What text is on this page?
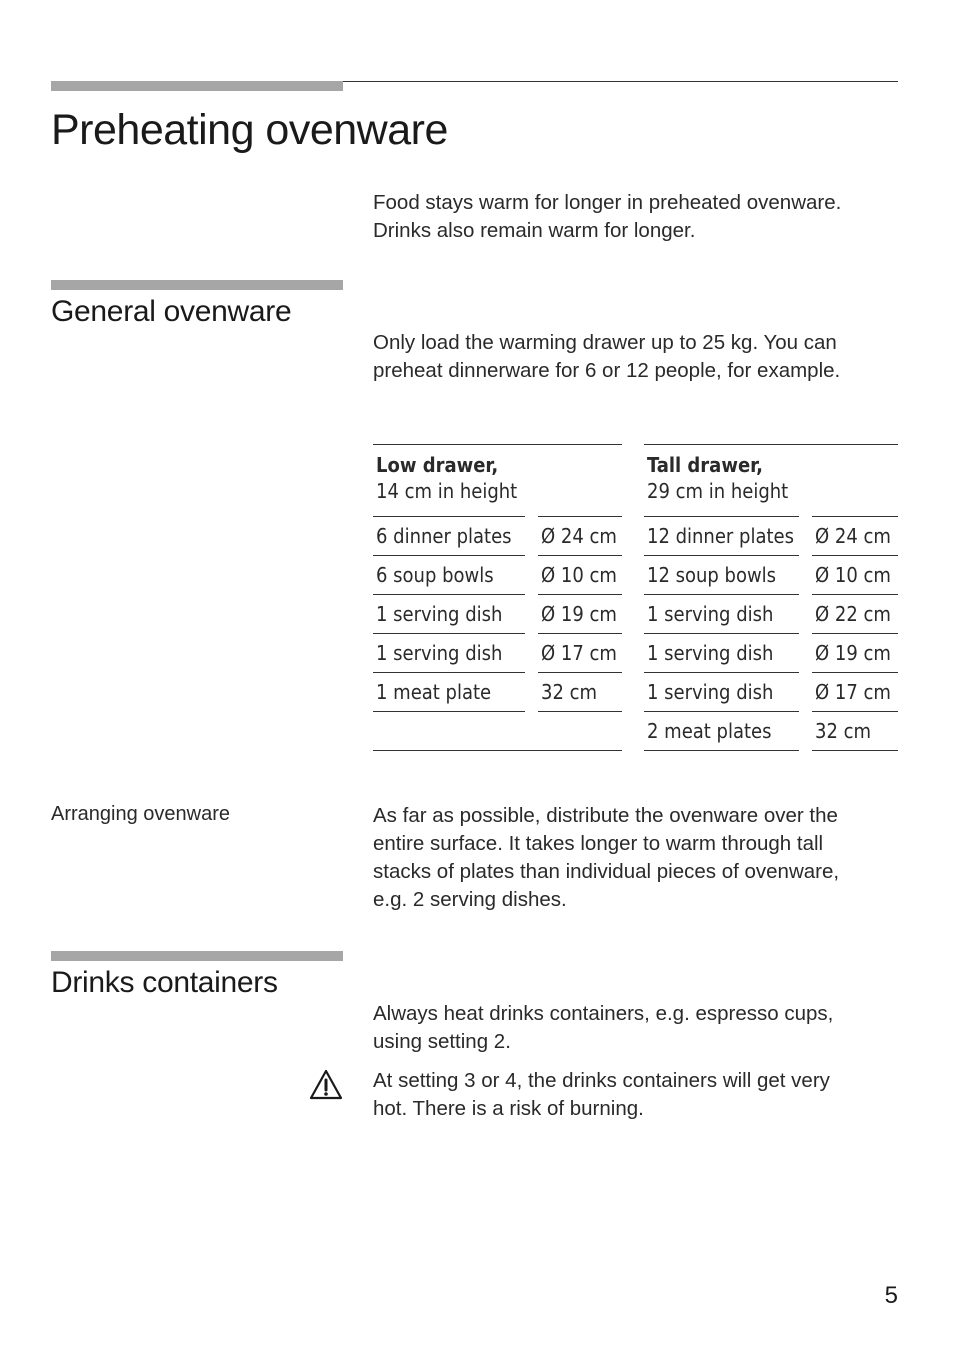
Preheating ovenware
Food stays warm for longer in preheated ovenware.
Drinks also remain warm for longer.
General ovenware
Only load the warming drawer up to 25 kg. You can
preheat dinnerware for 6 or 12 people, for example.
Low drawer,
14 cm in height		

6 dinner plates		Ø 24 cm
6 soup bowls		Ø 10 cm
1 serving dish		Ø 19 cm
1 serving dish		Ø 17 cm
1 meat plate		32 cm

Tall drawer,
29 cm in height		

12 dinner plates		Ø 24 cm
12 soup bowls		Ø 10 cm
1 serving dish		Ø 22 cm
1 serving dish		Ø 19 cm
1 serving dish		Ø 17 cm
2 meat plates		32 cm
Arranging ovenware	As far as possible, distribute the ovenware over the
entire surface. It takes longer to warm through tall
stacks of plates than individual pieces of ovenware,
e.g. 2 serving dishes.
Drinks containers
Always heat drinks containers, e.g. espresso cups,
using setting 2.
At setting 3 or 4, the drinks containers will get very
hot. There is a risk of burning.
5
